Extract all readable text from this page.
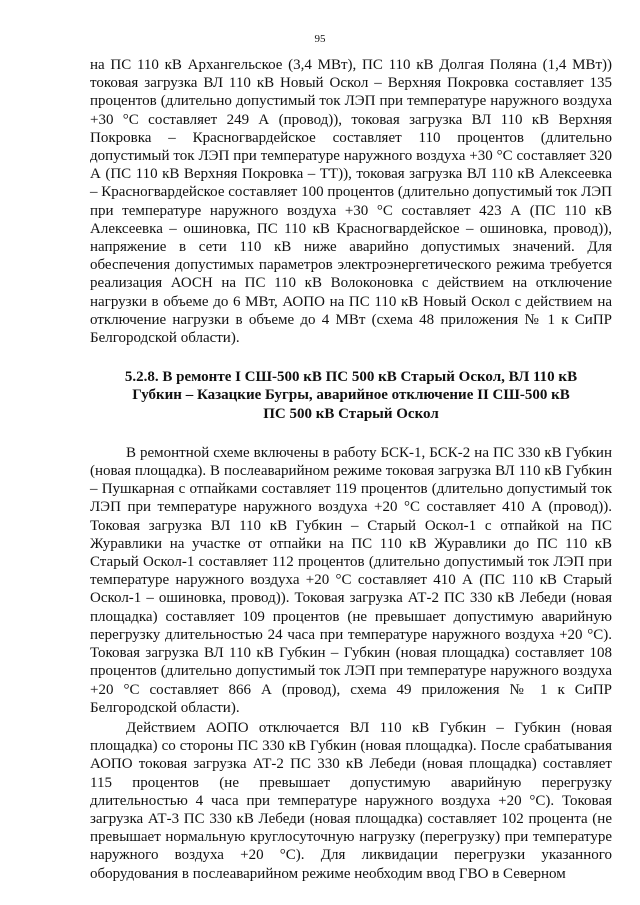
95

на ПС 110 кВ Архангельское (3,4 МВт), ПС 110 кВ Долгая Поляна (1,4 МВт)) токовая загрузка ВЛ 110 кВ Новый Оскол – Верхняя Покровка составляет 135 процентов (длительно допустимый ток ЛЭП при температуре наружного воздуха +30 °С составляет 249 А (провод)), токовая загрузка ВЛ 110 кВ Верхняя Покровка – Красногвардейское составляет 110 процентов (длительно допустимый ток ЛЭП при температуре наружного воздуха +30 °С составляет 320 А (ПС 110 кВ Верхняя Покровка – ТТ)), токовая загрузка ВЛ 110 кВ Алексеевка – Красногвардейское составляет 100 процентов (длительно допустимый ток ЛЭП при температуре наружного воздуха +30 °С составляет 423 А (ПС 110 кВ Алексеевка – ошиновка, ПС 110 кВ Красногвардейское – ошиновка, провод)), напряжение в сети 110 кВ ниже аварийно допустимых значений. Для обеспечения допустимых параметров электроэнергетического режима требуется реализация АОСН на ПС 110 кВ Волоконовка с действием на отключение нагрузки в объеме до 6 МВт, АОПО на ПС 110 кВ Новый Оскол с действием на отключение нагрузки в объеме до 4 МВт (схема 48 приложения № 1 к СиПР Белгородской области).

5.2.8. В ремонте I СШ-500 кВ ПС 500 кВ Старый Оскол, ВЛ 110 кВ
Губкин – Казацкие Бугры, аварийное отключение II СШ-500 кВ
ПС 500 кВ Старый Оскол

В ремонтной схеме включены в работу БСК-1, БСК-2 на ПС 330 кВ Губкин (новая площадка). В послеаварийном режиме токовая загрузка ВЛ 110 кВ Губкин – Пушкарная с отпайками составляет 119 процентов (длительно допустимый ток ЛЭП при температуре наружного воздуха +20 °С составляет 410 А (провод)). Токовая загрузка ВЛ 110 кВ Губкин – Старый Оскол-1 с отпайкой на ПС Журавлики на участке от отпайки на ПС 110 кВ Журавлики до ПС 110 кВ Старый Оскол-1 составляет 112 процентов (длительно допустимый ток ЛЭП при температуре наружного воздуха +20 °С составляет 410 А (ПС 110 кВ Старый Оскол-1 – ошиновка, провод)). Токовая загрузка АТ-2 ПС 330 кВ Лебеди (новая площадка) составляет 109 процентов (не превышает допустимую аварийную перегрузку длительностью 24 часа при температуре наружного воздуха +20 °С). Токовая загрузка ВЛ 110 кВ Губкин – Губкин (новая площадка) составляет 108 процентов (длительно допустимый ток ЛЭП при температуре наружного воздуха +20 °С составляет 866 А (провод), схема 49 приложения № 1 к СиПР Белгородской области).

Действием АОПО отключается ВЛ 110 кВ Губкин – Губкин (новая площадка) со стороны ПС 330 кВ Губкин (новая площадка). После срабатывания АОПО токовая загрузка АТ-2 ПС 330 кВ Лебеди (новая площадка) составляет 115 процентов (не превышает допустимую аварийную перегрузку длительностью 4 часа при температуре наружного воздуха +20 °С). Токовая загрузка АТ-3 ПС 330 кВ Лебеди (новая площадка) составляет 102 процента (не превышает нормальную круглосуточную нагрузку (перегрузку) при температуре наружного воздуха +20 °С). Для ликвидации перегрузки указанного оборудования в послеаварийном режиме необходим ввод ГВО в Северном
